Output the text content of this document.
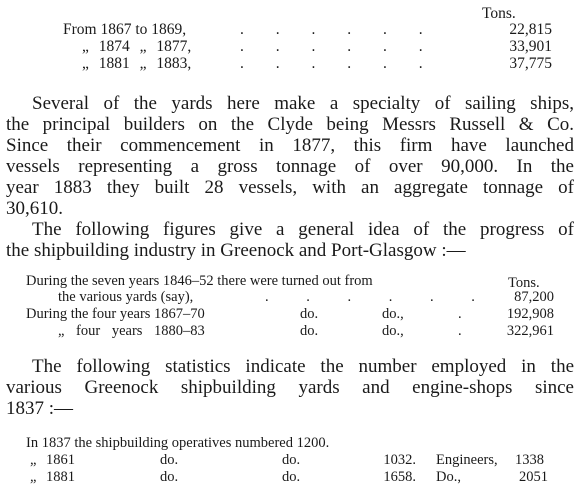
Tons.
From 1867 to 1869,	. . . . . .	22,815
„ 1874 „ 1877,	. . . . . .	33,901
„ 1881 „ 1883,	. . . . . .	37,775
Several of the yards here make a specialty of sailing ships,
the principal builders on the Clyde being Messrs Russell & Co.
Since their commencement in 1877, this firm have launched
vessels representing a gross tonnage of over 90,000. In the
year 1883 they built 28 vessels, with an aggregate tonnage of
30,610.
The following figures give a general idea of the progress of
the shipbuilding industry in Greenock and Port-Glasgow :—
During the seven years 1846–52 there were turned out from	Tons.
the various yards (say),	. . . . . .	87,200
During the four years 1867–70	do.	do.,	.	192,908
„ four years 1880–83	do.	do.,	.	322,961
The following statistics indicate the number employed in the
various Greenock shipbuilding yards and engine-shops since
1837 :—
In 1837 the shipbuilding operatives numbered 1200.
„ 1861	do.	do.	1032. Engineers,	1338
„ 1881	do.	do.	1658. Do.,	2051
